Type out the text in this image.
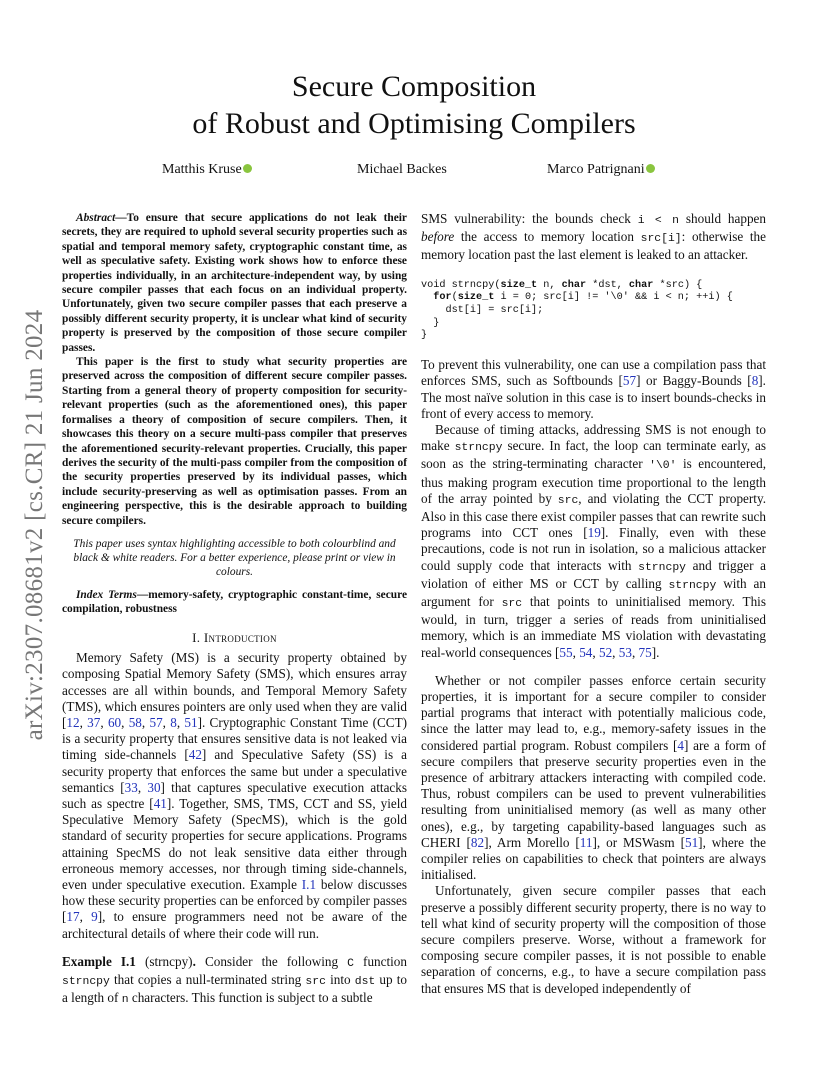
arXiv:2307.08681v2 [cs.CR] 21 Jun 2024
Secure Composition
of Robust and Optimising Compilers
Matthis Kruse	Michael Backes	Marco Patrignani

Abstract—To ensure that secure applications do not leak their secrets, they are required to uphold several security properties such as spatial and temporal memory safety, cryptographic constant time, as well as speculative safety. Existing work shows how to enforce these properties individually, in an architecture-independent way, by using secure compiler passes that each focus on an individual property. Unfortunately, given two secure compiler passes that each preserve a possibly different security property, it is unclear what kind of security property is preserved by the composition of those secure compiler passes.

This paper is the first to study what security properties are preserved across the composition of different secure compiler passes. Starting from a general theory of property composition for security-relevant properties (such as the aforementioned ones), this paper formalises a theory of composition of secure compilers. Then, it showcases this theory on a secure multi-pass compiler that preserves the aforementioned security-relevant properties. Crucially, this paper derives the security of the multi-pass compiler from the composition of the security properties preserved by its individual passes, which include security-preserving as well as optimisation passes. From an engineering perspective, this is the desirable approach to building secure compilers.

This paper uses syntax highlighting accessible to both colourblind and black & white readers. For a better experience, please print or view in colours.

Index Terms—memory-safety, cryptographic constant-time, secure compilation, robustness

I. Introduction

Memory Safety (MS) is a security property obtained by composing Spatial Memory Safety (SMS), which ensures array accesses are all within bounds, and Temporal Memory Safety (TMS), which ensures pointers are only used when they are valid [12, 37, 60, 58, 57, 8, 51]. Cryptographic Constant Time (CCT) is a security property that ensures sensitive data is not leaked via timing side-channels [42] and Speculative Safety (SS) is a security property that enforces the same but under a speculative semantics [33, 30] that captures speculative execution attacks such as spectre [41]. Together, SMS, TMS, CCT and SS, yield Speculative Memory Safety (SpecMS), which is the gold standard of security properties for secure applications. Programs attaining SpecMS do not leak sensitive data either through erroneous memory accesses, nor through timing side-channels, even under speculative execution. Example I.1 below discusses how these security properties can be enforced by compiler passes [17, 9], to ensure programmers need not be aware of the architectural details of where their code will run.

Example I.1 (strncpy). Consider the following C function strncpy that copies a null-terminated string src into dst up to a length of n characters. This function is subject to a subtle

SMS vulnerability: the bounds check i < n should happen before the access to memory location src[i]: otherwise the memory location past the last element is leaked to an attacker.

void strncpy(size_t n, char *dst, char *src) {
for(size_t i = 0; src[i] != '\0' && i < n; ++i) {
dst[i] = src[i];
}
}

To prevent this vulnerability, one can use a compilation pass that enforces SMS, such as Softbounds [57] or Baggy-Bounds [8]. The most naïve solution in this case is to insert bounds-checks in front of every access to memory.

Because of timing attacks, addressing SMS is not enough to make strncpy secure. In fact, the loop can terminate early, as soon as the string-terminating character '\0' is encountered, thus making program execution time proportional to the length of the array pointed by src, and violating the CCT property. Also in this case there exist compiler passes that can rewrite such programs into CCT ones [19]. Finally, even with these precautions, code is not run in isolation, so a malicious attacker could supply code that interacts with strncpy and trigger a violation of either MS or CCT by calling strncpy with an argument for src that points to uninitialised memory. This would, in turn, trigger a series of reads from uninitialised memory, which is an immediate MS violation with devastating real-world consequences [55, 54, 52, 53, 75].

Whether or not compiler passes enforce certain security properties, it is important for a secure compiler to consider partial programs that interact with potentially malicious code, since the latter may lead to, e.g., memory-safety issues in the considered partial program. Robust compilers [4] are a form of secure compilers that preserve security properties even in the presence of arbitrary attackers interacting with compiled code. Thus, robust compilers can be used to prevent vulnerabilities resulting from uninitialised memory (as well as many other ones), e.g., by targeting capability-based languages such as CHERI [82], Arm Morello [11], or MSWasm [51], where the compiler relies on capabilities to check that pointers are always initialised.

Unfortunately, given secure compiler passes that each preserve a possibly different security property, there is no way to tell what kind of security property will the composition of those secure compilers preserve. Worse, without a framework for composing secure compiler passes, it is not possible to enable separation of concerns, e.g., to have a secure compilation pass that ensures MS that is developed independently of
